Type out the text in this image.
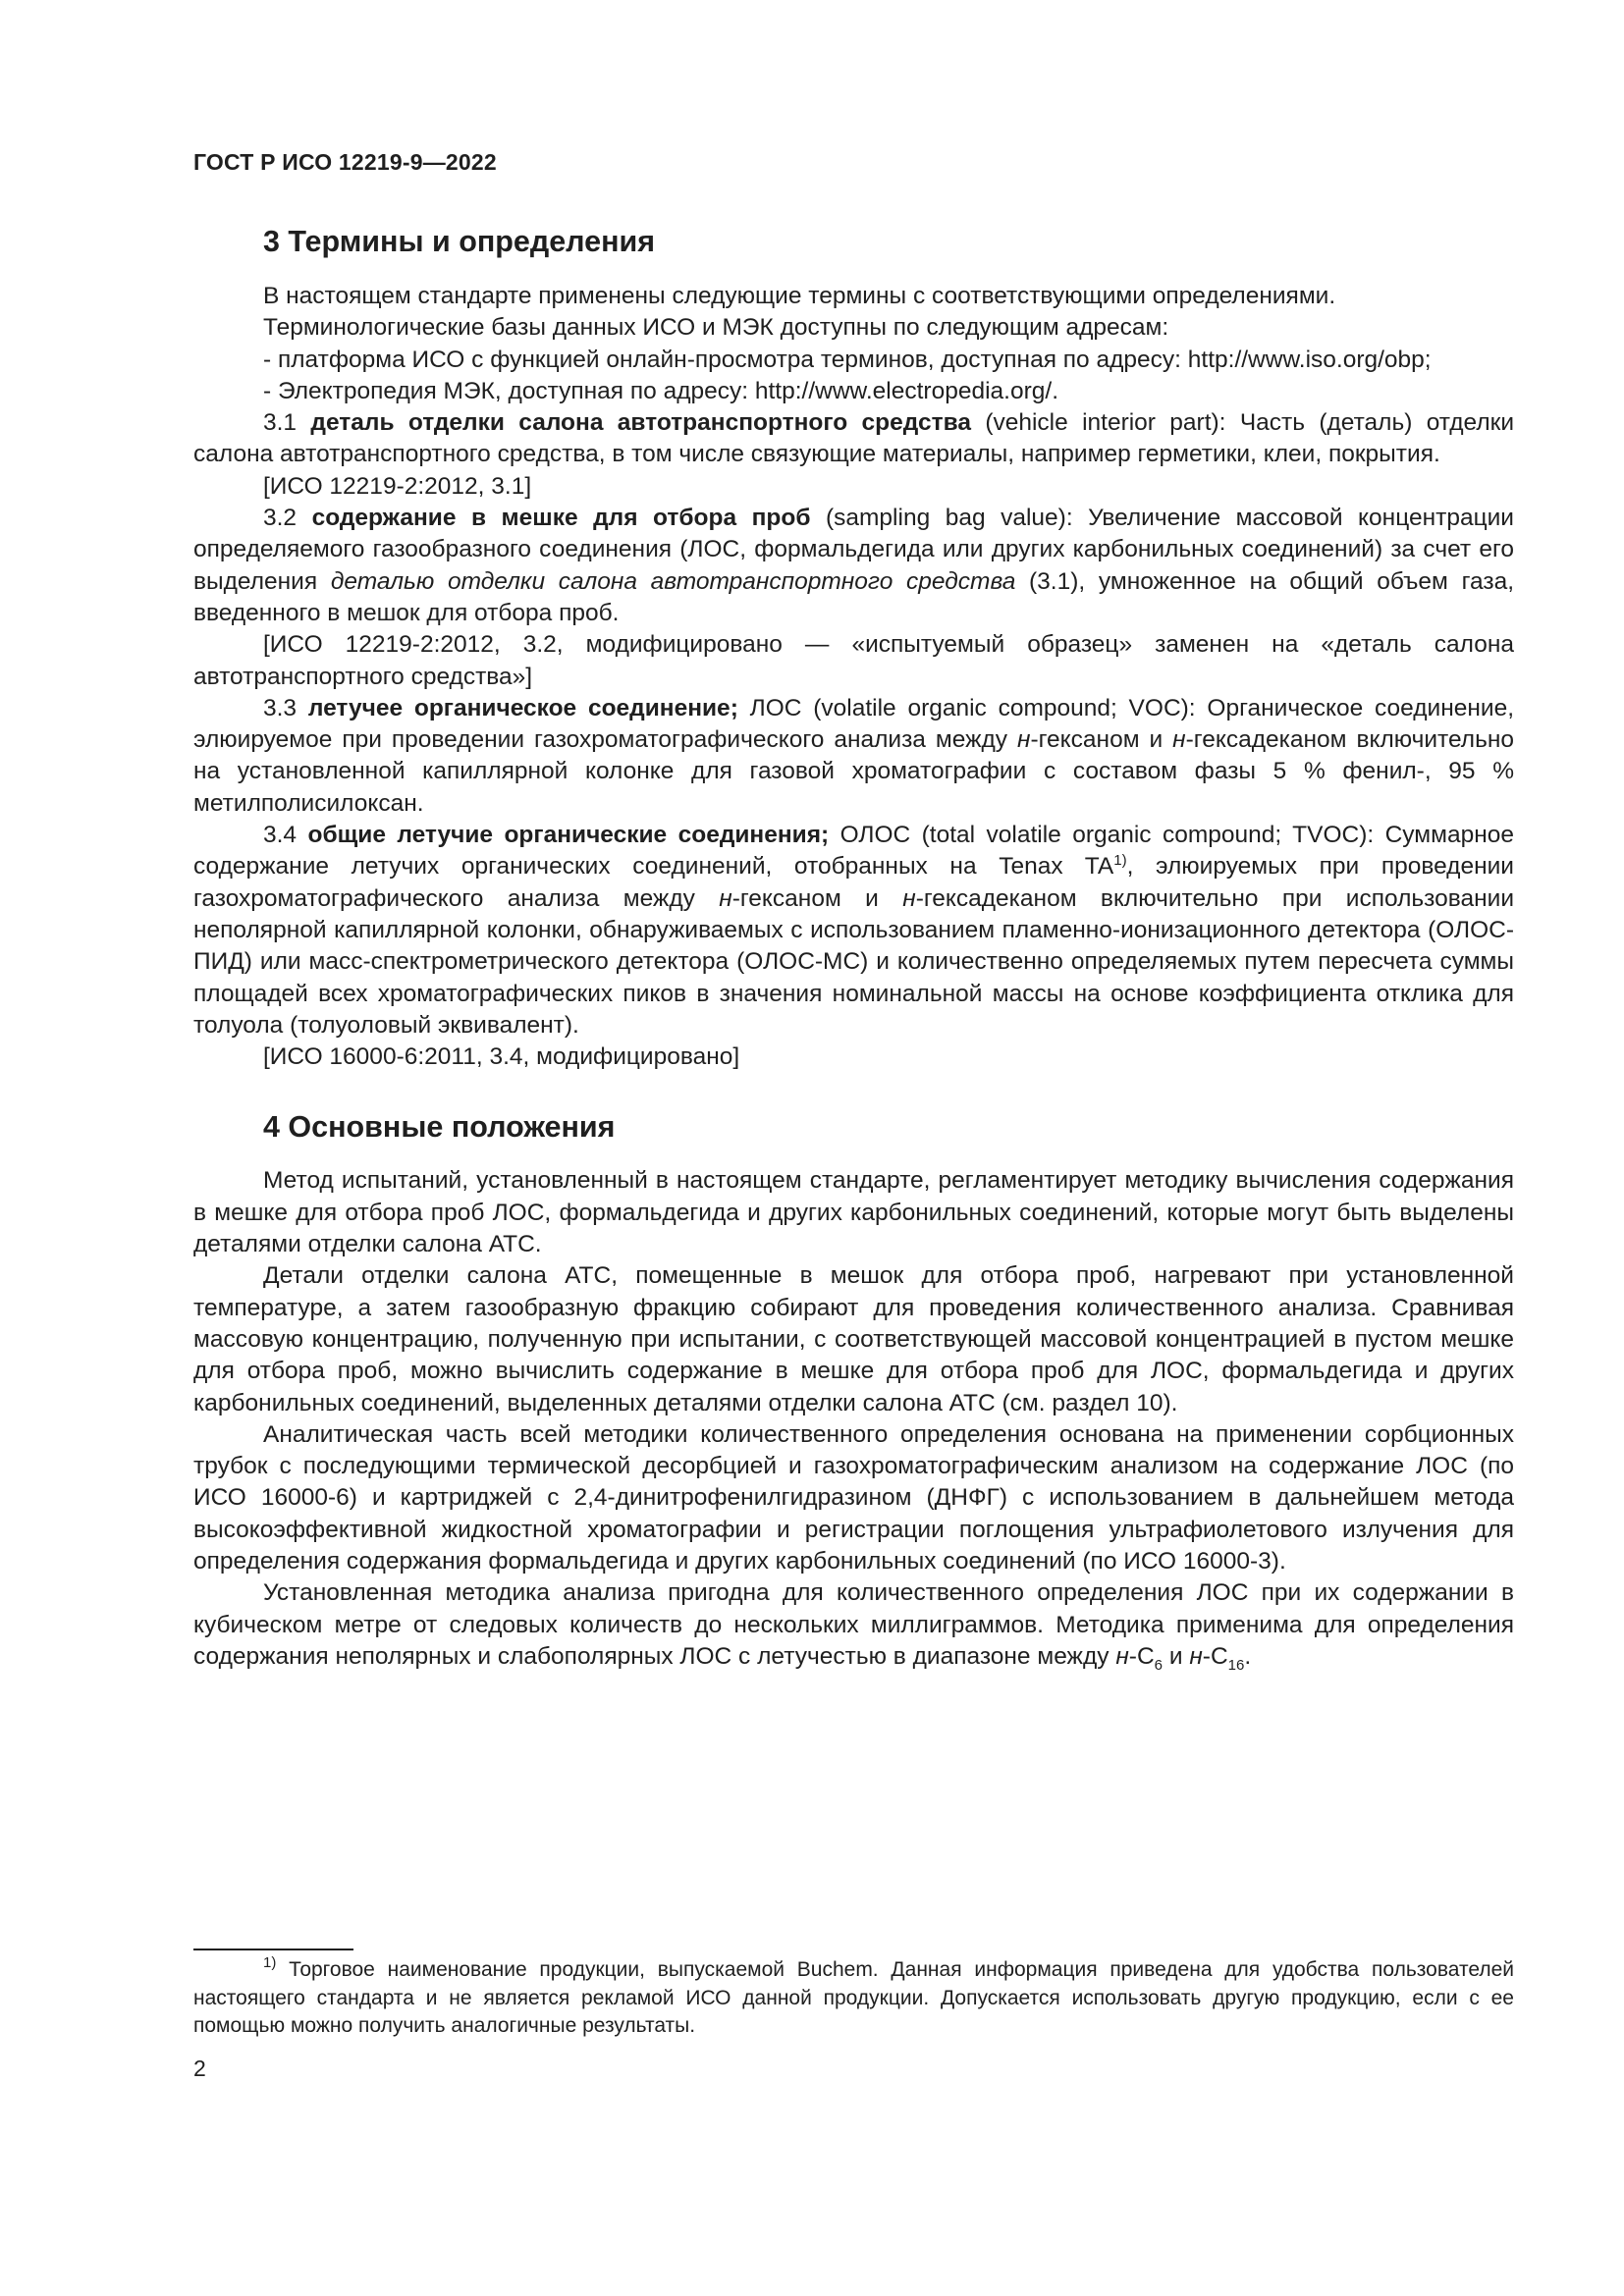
ГОСТ Р ИСО 12219-9—2022
3 Термины и определения

В настоящем стандарте применены следующие термины с соответствующими определениями.

Терминологические базы данных ИСО и МЭК доступны по следующим адресам:

- платформа ИСО с функцией онлайн-просмотра терминов, доступная по адресу: http://www.iso.org/obp;

- Электропедия МЭК, доступная по адресу: http://www.electropedia.org/.

3.1 деталь отделки салона автотранспортного средства (vehicle interior part): Часть (деталь) отделки салона автотранспортного средства, в том числе связующие материалы, например герметики, клеи, покрытия.

[ИСО 12219-2:2012, 3.1]

3.2 содержание в мешке для отбора проб (sampling bag value): Увеличение массовой концентрации определяемого газообразного соединения (ЛОС, формальдегида или других карбонильных соединений) за счет его выделения деталью отделки салона автотранспортного средства (3.1), умноженное на общий объем газа, введенного в мешок для отбора проб.

[ИСО 12219-2:2012, 3.2, модифицировано — «испытуемый образец» заменен на «деталь салона автотранспортного средства»]

3.3 летучее органическое соединение; ЛОС (volatile organic compound; VOC): Органическое соединение, элюируемое при проведении газохроматографического анализа между н-гексаном и н-гексадеканом включительно на установленной капиллярной колонке для газовой хроматографии с составом фазы 5 % фенил-, 95 % метилполисилоксан.

3.4 общие летучие органические соединения; ОЛОС (total volatile organic compound; TVOC): Суммарное содержание летучих органических соединений, отобранных на Tenax TA$^{1)}$, элюируемых при проведении газохроматографического анализа между н-гексаном и н-гексадеканом включительно при использовании неполярной капиллярной колонки, обнаруживаемых с использованием пламенно-ионизационного детектора (ОЛОС-ПИД) или масс-спектрометрического детектора (ОЛОС-МС) и количественно определяемых путем пересчета суммы площадей всех хроматографических пиков в значения номинальной массы на основе коэффициента отклика для толуола (толуоловый эквивалент).

[ИСО 16000-6:2011, 3.4, модифицировано]

4 Основные положения

Метод испытаний, установленный в настоящем стандарте, регламентирует методику вычисления содержания в мешке для отбора проб ЛОС, формальдегида и других карбонильных соединений, которые могут быть выделены деталями отделки салона АТС.

Детали отделки салона АТС, помещенные в мешок для отбора проб, нагревают при установленной температуре, а затем газообразную фракцию собирают для проведения количественного анализа. Сравнивая массовую концентрацию, полученную при испытании, с соответствующей массовой концентрацией в пустом мешке для отбора проб, можно вычислить содержание в мешке для отбора проб для ЛОС, формальдегида и других карбонильных соединений, выделенных деталями отделки салона АТС (см. раздел 10).

Аналитическая часть всей методики количественного определения основана на применении сорбционных трубок с последующими термической десорбцией и газохроматографическим анализом на содержание ЛОС (по ИСО 16000-6) и картриджей с 2,4-динитрофенилгидразином (ДНФГ) с использованием в дальнейшем метода высокоэффективной жидкостной хроматографии и регистрации поглощения ультрафиолетового излучения для определения содержания формальдегида и других карбонильных соединений (по ИСО 16000-3).

Установленная методика анализа пригодна для количественного определения ЛОС при их содержании в кубическом метре от следовых количеств до нескольких миллиграммов. Методика применима для определения содержания неполярных и слабополярных ЛОС с летучестью в диапазоне между $н-С_6$ и $н-С_{16}$.

$^{1)}$ Торговое наименование продукции, выпускаемой Buchem. Данная информация приведена для удобства пользователей настоящего стандарта и не является рекламой ИСО данной продукции. Допускается использовать другую продукцию, если с ее помощью можно получить аналогичные результаты.

2
